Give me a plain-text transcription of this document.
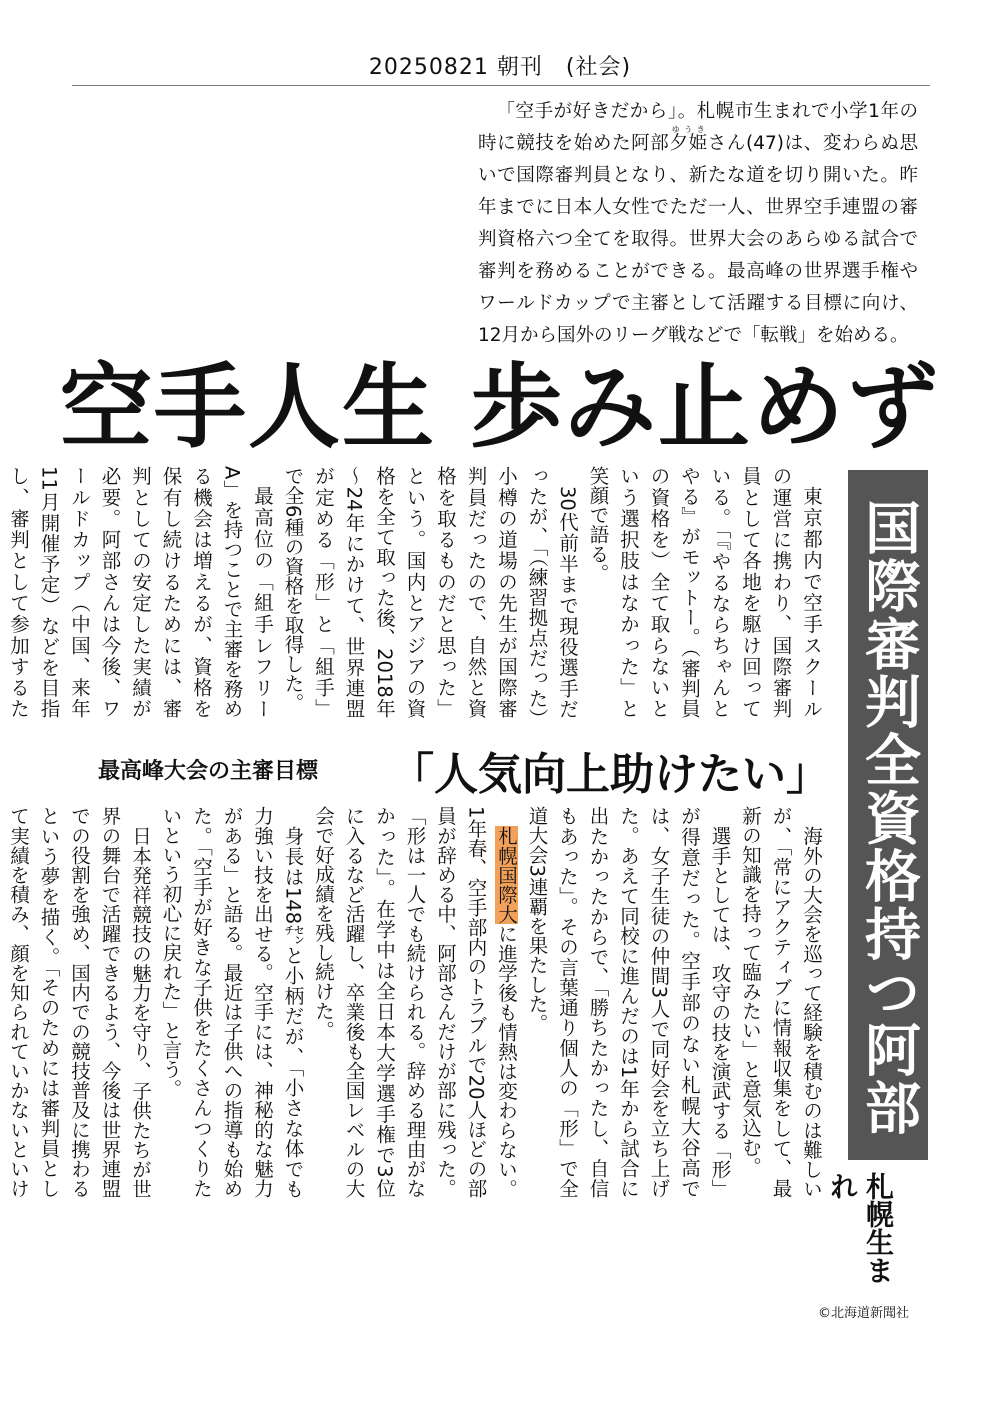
20250821 朝刊　(社会)
「空手が好きだから」。札幌市生まれで小学1年の時に競技を始めた阿部夕姫ゆうきさん(47)は、変わらぬ思いで国際審判員となり、新たな道を切り開いた。昨年までに日本人女性でただ一人、世界空手連盟の審判資格六つ全てを取得。世界大会のあらゆる試合で審判を務めることができる。最高峰の世界選手権やワールドカップで主審として活躍する目標に向け、12月から国外のリーグ戦などで「転戦」を始める。
空手人生 歩み止めず
国際審判全資格持つ阿部さん
札幌生まれ

東京都内で空手スクールの運営に携わり、国際審判員として各地を駆け回っている。「『やるならちゃんとやる』がモットー。（審判員の資格を）全て取らないという選択肢はなかった」と笑顔で語る。

30代前半まで現役選手だったが、「（練習拠点だった）小樽の道場の先生が国際審判員だったので、自然と資格を取るものだと思った」という。国内とアジアの資格を全て取った後、2018年～24年にかけて、世界連盟が定める「形」と「組手」で全6種の資格を取得した。

最高位の「組手レフリーA」を持つことで主審を務める機会は増えるが、資格を保有し続けるためには、審判としての安定した実績が必要。阿部さんは今後、ワールドカップ（中国、来年11月開催予定）などを目指し、審判として参加するた

最高峰大会の主審目標 「人気向上助けたい」

海外の大会を巡って経験を積むのは難しいが、「常にアクティブに情報収集をして、最新の知識を持って臨みたい」と意気込む。

選手としては、攻守の技を演武する「形」が得意だった。空手部のない札幌大谷高では、女子生徒の仲間3人で同好会を立ち上げた。あえて同校に進んだのは1年から試合に出たかったからで、「勝ちたかったし、自信もあった」。その言葉通り個人の「形」で全道大会3連覇を果たした。

札幌国際大に進学後も情熱は変わらない。1年春、空手部内のトラブルで20人ほどの部員が辞める中、阿部さんだけが部に残った。「形は一人でも続けられる。辞める理由がなかった」。在学中は全日本大学選手権で3位に入るなど活躍し、卒業後も全国レベルの大会で好成績を残し続けた。

身長は148㌢と小柄だが、「小さな体でも力強い技を出せる。空手には、神秘的な魅力がある」と語る。最近は子供への指導も始めた。「空手が好きな子供をたくさんつくりたいという初心に戻れた」と言う。

日本発祥競技の魅力を守り、子供たちが世界の舞台で活躍できるよう、今後は世界連盟での役割を強め、国内での競技普及に携わるという夢を描く。「そのためには審判員として実績を積み、顔を知られていかないといけ

©北海道新聞社
